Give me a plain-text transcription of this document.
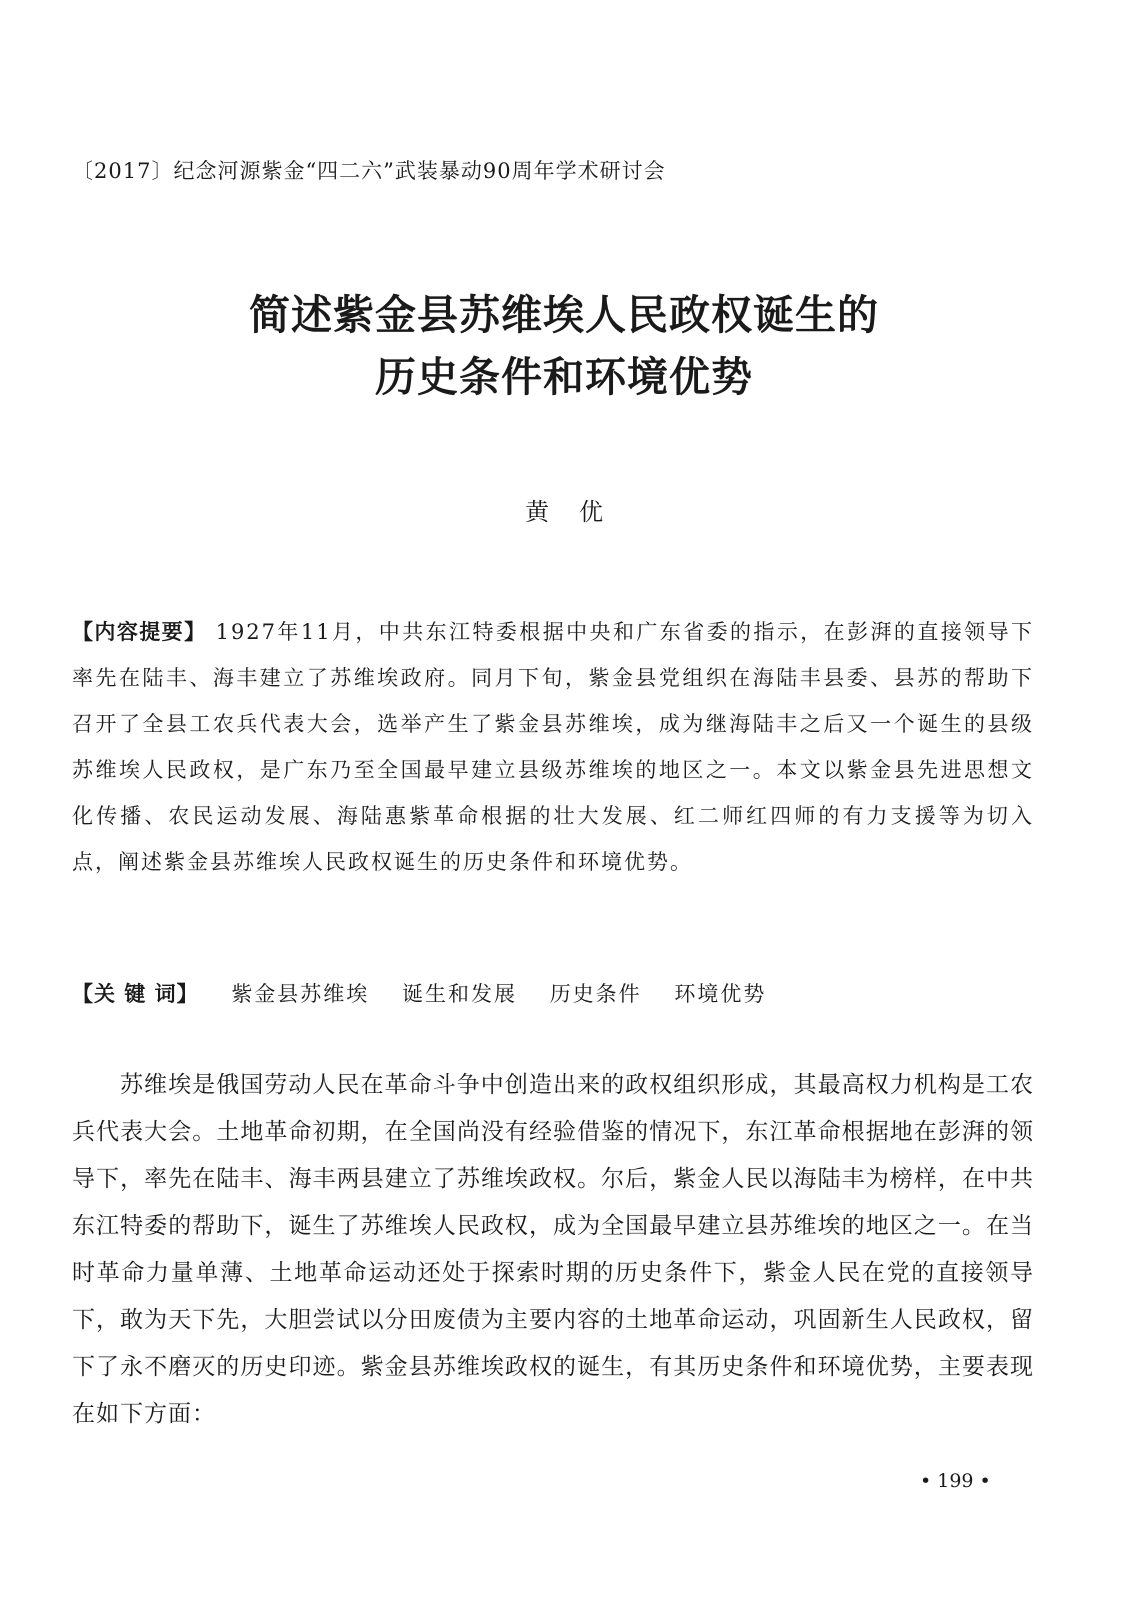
〔2017〕纪念河源紫金“四二六”武装暴动90周年学术研讨会
简述紫金县苏维埃人民政权诞生的
历史条件和环境优势
黄优
【内容提要】 1927年11月，中共东江特委根据中央和广东省委的指示，在彭湃的直接领导下率先在陆丰、海丰建立了苏维埃政府。同月下旬，紫金县党组织在海陆丰县委、县苏的帮助下召开了全县工农兵代表大会，选举产生了紫金县苏维埃，成为继海陆丰之后又一个诞生的县级苏维埃人民政权，是广东乃至全国最早建立县级苏维埃的地区之一。本文以紫金县先进思想文化传播、农民运动发展、海陆惠紫革命根据的壮大发展、红二师红四师的有力支援等为切入点，阐述紫金县苏维埃人民政权诞生的历史条件和环境优势。
【关 键 词】 紫金县苏维埃 诞生和发展 历史条件 环境优势

苏维埃是俄国劳动人民在革命斗争中创造出来的政权组织形成，其最高权力机构是工农兵代表大会。土地革命初期，在全国尚没有经验借鉴的情况下，东江革命根据地在彭湃的领导下，率先在陆丰、海丰两县建立了苏维埃政权。尔后，紫金人民以海陆丰为榜样，在中共东江特委的帮助下，诞生了苏维埃人民政权，成为全国最早建立县苏维埃的地区之一。在当时革命力量单薄、土地革命运动还处于探索时期的历史条件下，紫金人民在党的直接领导下，敢为天下先，大胆尝试以分田废债为主要内容的土地革命运动，巩固新生人民政权，留下了永不磨灭的历史印迹。紫金县苏维埃政权的诞生，有其历史条件和环境优势，主要表现在如下方面：

• 199 •
